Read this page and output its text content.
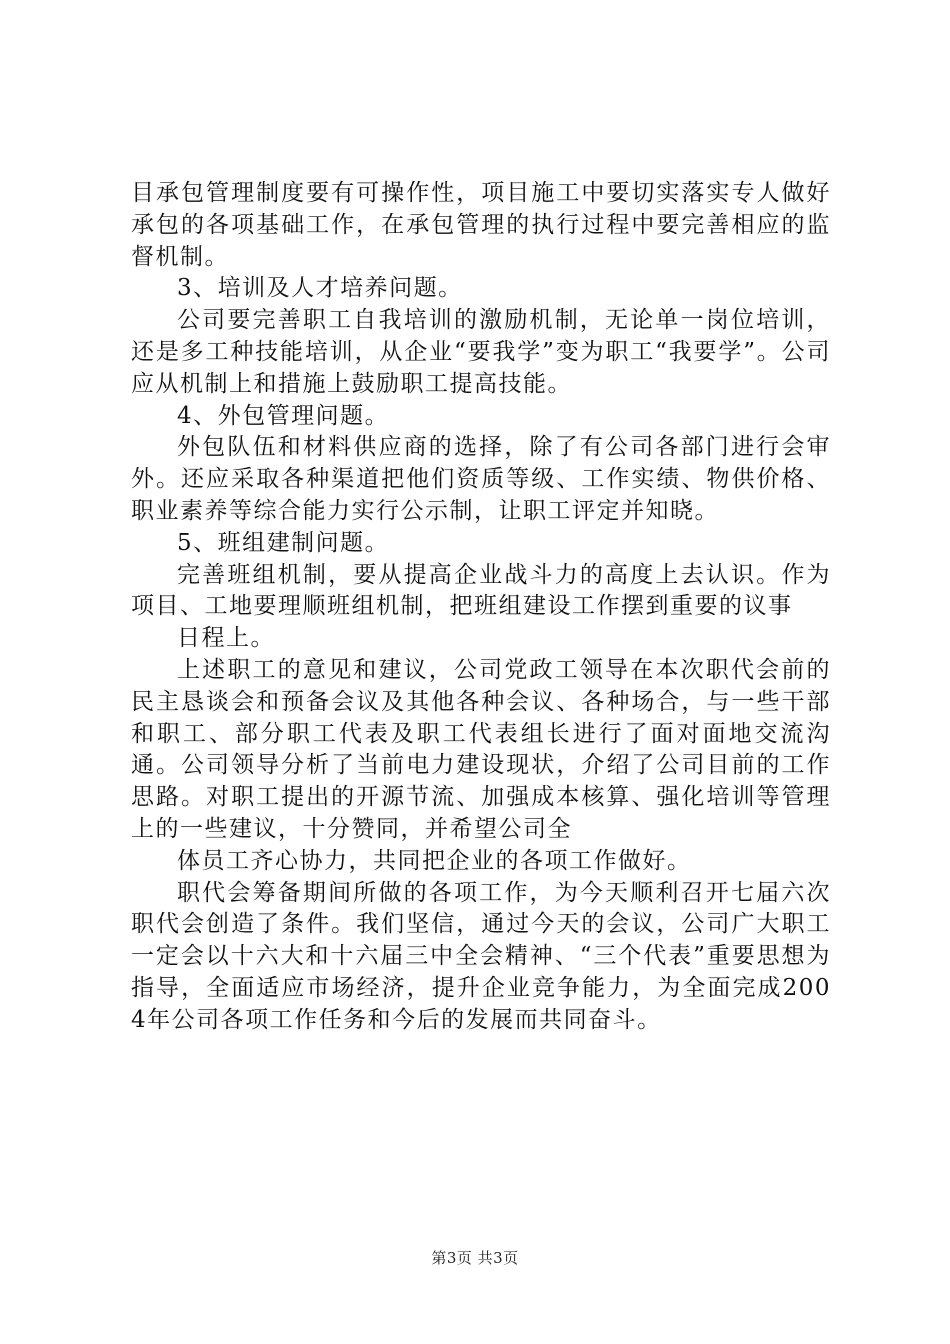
目承包管理制度要有可操作性，项目施工中要切实落实专人做好承包的各项基础工作，在承包管理的执行过程中要完善相应的监督机制。

3、培训及人才培养问题。

公司要完善职工自我培训的激励机制，无论单一岗位培训，还是多工种技能培训，从企业“要我学”变为职工“我要学”。公司应从机制上和措施上鼓励职工提高技能。

4、外包管理问题。

外包队伍和材料供应商的选择，除了有公司各部门进行会审外。还应采取各种渠道把他们资质等级、工作实绩、物供价格、职业素养等综合能力实行公示制，让职工评定并知晓。

5、班组建制问题。

完善班组机制，要从提高企业战斗力的高度上去认识。作为项目、工地要理顺班组机制，把班组建设工作摆到重要的议事

日程上。

上述职工的意见和建议，公司党政工领导在本次职代会前的民主恳谈会和预备会议及其他各种会议、各种场合，与一些干部和职工、部分职工代表及职工代表组长进行了面对面地交流沟通。公司领导分析了当前电力建设现状，介绍了公司目前的工作思路。对职工提出的开源节流、加强成本核算、强化培训等管理上的一些建议，十分赞同，并希望公司全

体员工齐心协力，共同把企业的各项工作做好。

职代会筹备期间所做的各项工作，为今天顺利召开七届六次职代会创造了条件。我们坚信，通过今天的会议，公司广大职工一定会以十六大和十六届三中全会精神、“三个代表”重要思想为指导，全面适应市场经济，提升企业竞争能力，为全面完成2004年公司各项工作任务和今后的发展而共同奋斗。

第3页 共3页
